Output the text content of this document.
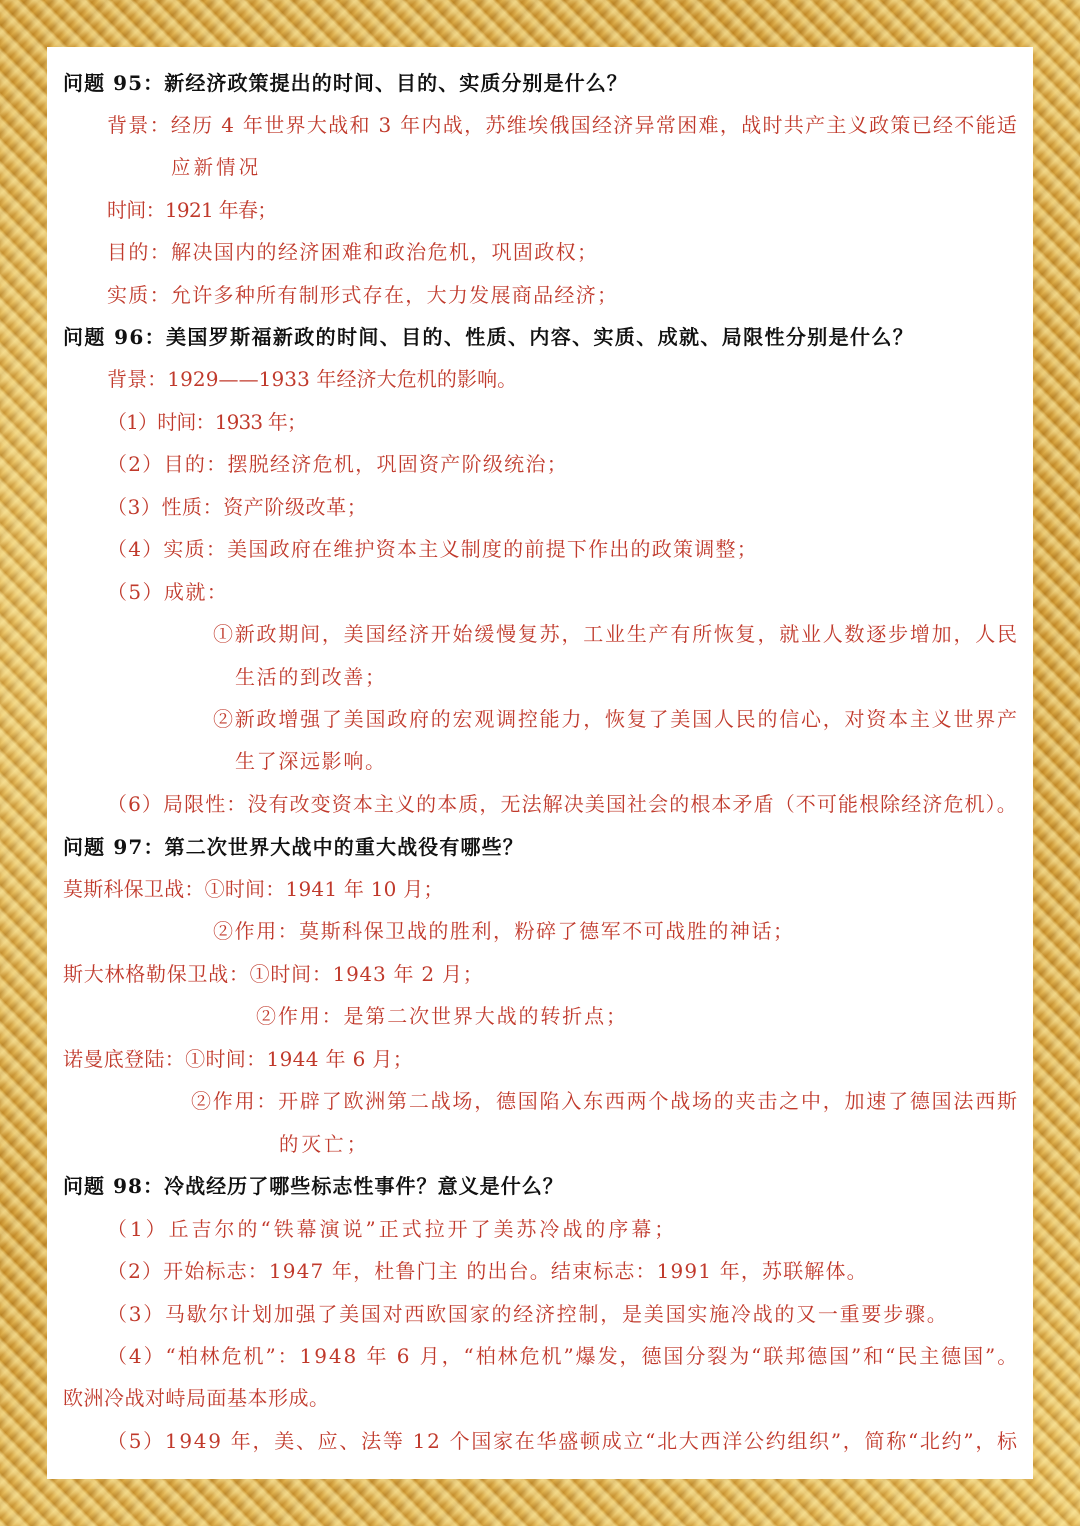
问题 95：新经济政策提出的时间、目的、实质分别是什么？
背景：经历 4 年世界大战和 3 年内战，苏维埃俄国经济异常困难，战时共产主义政策已经不能适
应新情况
时间：1921 年春；
目的：解决国内的经济困难和政治危机，巩固政权；
实质：允许多种所有制形式存在，大力发展商品经济；
问题 96：美国罗斯福新政的时间、目的、性质、内容、实质、成就、局限性分别是什么？
背景：1929——1933 年经济大危机的影响。
（1）时间：1933 年；
（2）目的：摆脱经济危机，巩固资产阶级统治；
（3）性质：资产阶级改革；
（4）实质：美国政府在维护资本主义制度的前提下作出的政策调整；
（5）成就：
①新政期间，美国经济开始缓慢复苏，工业生产有所恢复，就业人数逐步增加，人民
生活的到改善；
②新政增强了美国政府的宏观调控能力，恢复了美国人民的信心，对资本主义世界产
生了深远影响。
（6）局限性：没有改变资本主义的本质，无法解决美国社会的根本矛盾（不可能根除经济危机）。
问题 97：第二次世界大战中的重大战役有哪些？
莫斯科保卫战：①时间：1941 年 10 月；
②作用：莫斯科保卫战的胜利，粉碎了德军不可战胜的神话；
斯大林格勒保卫战：①时间：1943 年 2 月；
②作用：是第二次世界大战的转折点；
诺曼底登陆：①时间：1944 年 6 月；
②作用：开辟了欧洲第二战场，德国陷入东西两个战场的夹击之中，加速了德国法西斯
的灭亡；
问题 98：冷战经历了哪些标志性事件？意义是什么？
（1）丘吉尔的“铁幕演说”正式拉开了美苏冷战的序幕；
（2）开始标志：1947 年，杜鲁门主 的出台。结束标志：1991 年，苏联解体。
（3）马歇尔计划加强了美国对西欧国家的经济控制，是美国实施冷战的又一重要步骤。
（4）“柏林危机”：1948 年 6 月，“柏林危机”爆发，德国分裂为“联邦德国”和“民主德国”。
欧洲冷战对峙局面基本形成。
（5）1949 年，美、应、法等 12 个国家在华盛顿成立“北大西洋公约组织”，简称“北约”，标
